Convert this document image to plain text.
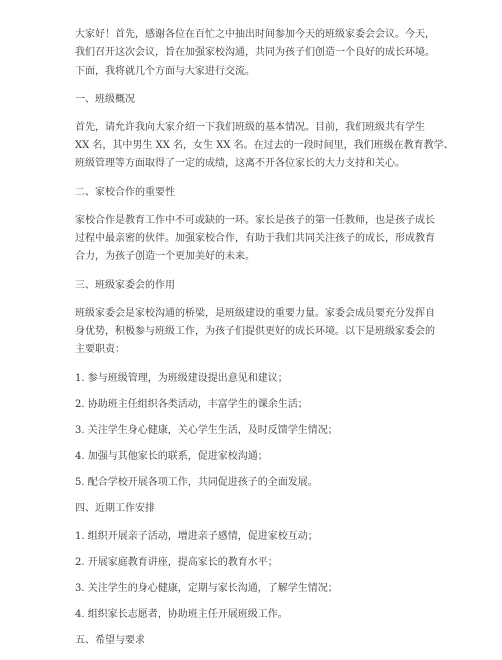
大家好！首先，感谢各位在百忙之中抽出时间参加今天的班级家委会会议。今天，
我们召开这次会议，旨在加强家校沟通，共同为孩子们创造一个良好的成长环境。
下面，我将就几个方面与大家进行交流。
一、班级概况
首先，请允许我向大家介绍一下我们班级的基本情况。目前，我们班级共有学生
XX 名，其中男生 XX 名，女生 XX 名。在过去的一段时间里，我们班级在教育教学、
班级管理等方面取得了一定的成绩，这离不开各位家长的大力支持和关心。
二、家校合作的重要性
家校合作是教育工作中不可或缺的一环。家长是孩子的第一任教师，也是孩子成长
过程中最亲密的伙伴。加强家校合作，有助于我们共同关注孩子的成长，形成教育
合力，为孩子创造一个更加美好的未来。
三、班级家委会的作用
班级家委会是家校沟通的桥梁，是班级建设的重要力量。家委会成员要充分发挥自
身优势，积极参与班级工作，为孩子们提供更好的成长环境。以下是班级家委会的
主要职责：
1. 参与班级管理，为班级建设提出意见和建议；
2. 协助班主任组织各类活动，丰富学生的课余生活；
3. 关注学生身心健康，关心学生生活，及时反馈学生情况；
4. 加强与其他家长的联系，促进家校沟通；
5. 配合学校开展各项工作，共同促进孩子的全面发展。
四、近期工作安排
1. 组织开展亲子活动，增进亲子感情，促进家校互动；
2. 开展家庭教育讲座，提高家长的教育水平；
3. 关注学生的身心健康，定期与家长沟通，了解学生情况；
4. 组织家长志愿者，协助班主任开展班级工作。
五、希望与要求
